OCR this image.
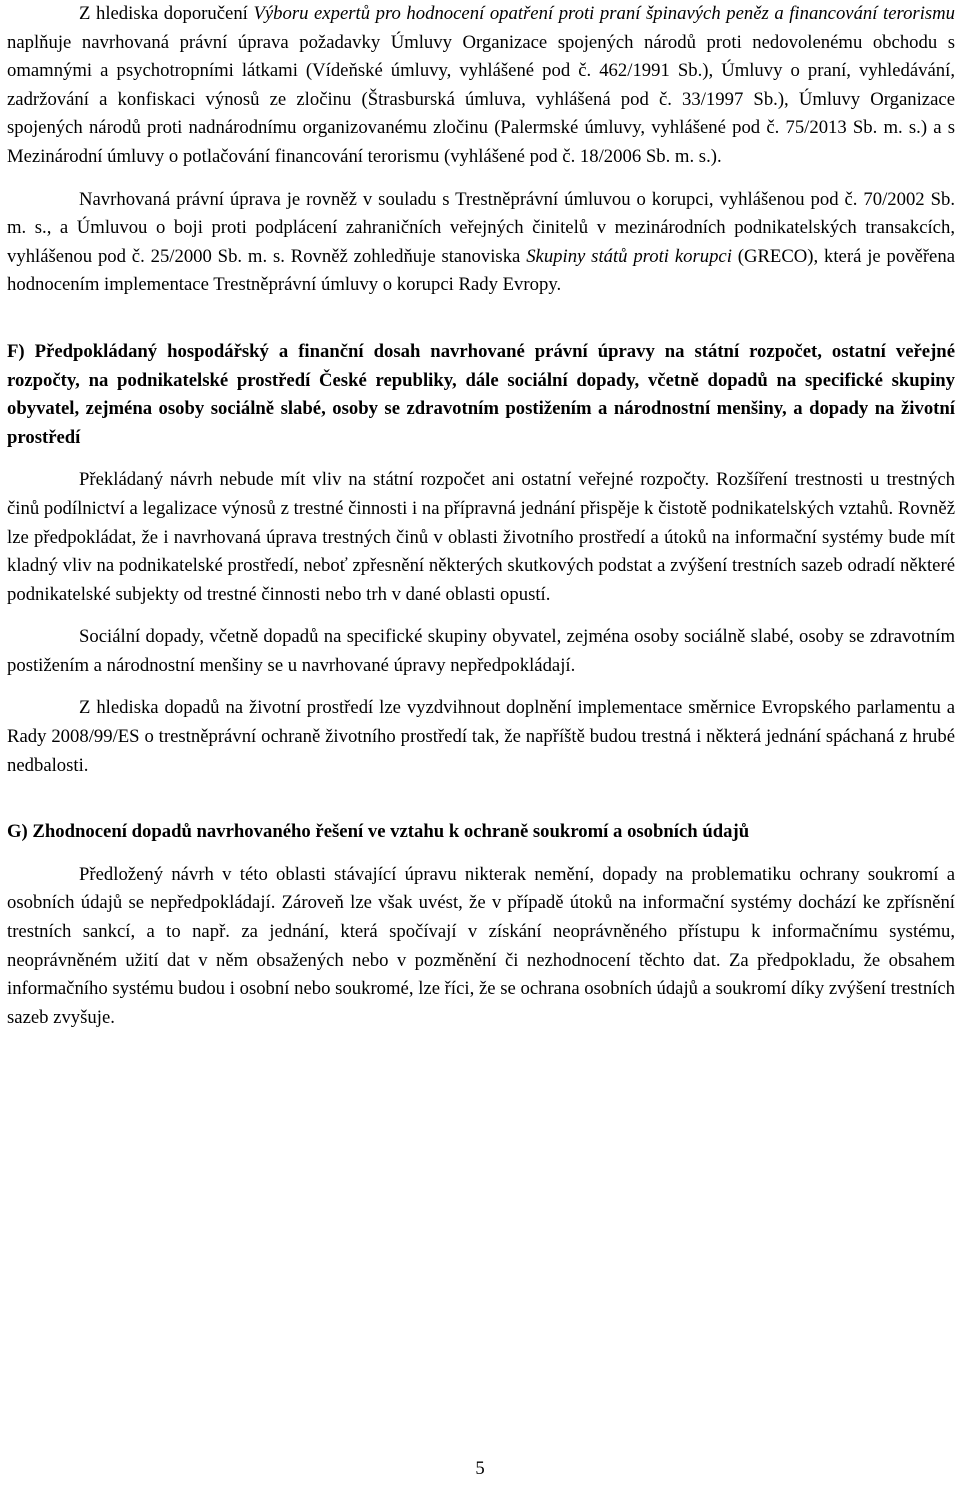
Z hlediska doporučení Výboru expertů pro hodnocení opatření proti praní špinavých peněz a financování terorismu naplňuje navrhovaná právní úprava požadavky Úmluvy Organizace spojených národů proti nedovolenému obchodu s omamnými a psychotropními látkami (Vídeňské úmluvy, vyhlášené pod č. 462/1991 Sb.), Úmluvy o praní, vyhledávání, zadržování a konfiskaci výnosů ze zločinu (Štrasburská úmluva, vyhlášená pod č. 33/1997 Sb.), Úmluvy Organizace spojených národů proti nadnárodnímu organizovanému zločinu (Palermské úmluvy, vyhlášené pod č. 75/2013 Sb. m. s.) a s Mezinárodní úmluvy o potlačování financování terorismu (vyhlášené pod č. 18/2006 Sb. m. s.).

Navrhovaná právní úprava je rovněž v souladu s Trestněprávní úmluvou o korupci, vyhlášenou pod č. 70/2002 Sb. m. s., a Úmluvou o boji proti podplácení zahraničních veřejných činitelů v mezinárodních podnikatelských transakcích, vyhlášenou pod č. 25/2000 Sb. m. s. Rovněž zohledňuje stanoviska Skupiny států proti korupci (GRECO), která je pověřena hodnocením implementace Trestněprávní úmluvy o korupci Rady Evropy.

F) Předpokládaný hospodářský a finanční dosah navrhované právní úpravy na státní rozpočet, ostatní veřejné rozpočty, na podnikatelské prostředí České republiky, dále sociální dopady, včetně dopadů na specifické skupiny obyvatel, zejména osoby sociálně slabé, osoby se zdravotním postižením a národnostní menšiny, a dopady na životní prostředí

Překládaný návrh nebude mít vliv na státní rozpočet ani ostatní veřejné rozpočty. Rozšíření trestnosti u trestných činů podílnictví a legalizace výnosů z trestné činnosti i na přípravná jednání přispěje k čistotě podnikatelských vztahů. Rovněž lze předpokládat, že i navrhovaná úprava trestných činů v oblasti životního prostředí a útoků na informační systémy bude mít kladný vliv na podnikatelské prostředí, neboť zpřesnění některých skutkových podstat a zvýšení trestních sazeb odradí některé podnikatelské subjekty od trestné činnosti nebo trh v dané oblasti opustí.

Sociální dopady, včetně dopadů na specifické skupiny obyvatel, zejména osoby sociálně slabé, osoby se zdravotním postižením a národnostní menšiny se u navrhované úpravy nepředpokládají.

Z hlediska dopadů na životní prostředí lze vyzdvihnout doplnění implementace směrnice Evropského parlamentu a Rady 2008/99/ES o trestněprávní ochraně životního prostředí tak, že napříště budou trestná i některá jednání spáchaná z hrubé nedbalosti.

G) Zhodnocení dopadů navrhovaného řešení ve vztahu k ochraně soukromí a osobních údajů

Předložený návrh v této oblasti stávající úpravu nikterak nemění, dopady na problematiku ochrany soukromí a osobních údajů se nepředpokládají. Zároveň lze však uvést, že v případě útoků na informační systémy dochází ke zpřísnění trestních sankcí, a to např. za jednání, která spočívají v získání neoprávněného přístupu k informačnímu systému, neoprávněném užití dat v něm obsažených nebo v pozměnění či nezhodnocení těchto dat. Za předpokladu, že obsahem informačního systému budou i osobní nebo soukromé, lze říci, že se ochrana osobních údajů a soukromí díky zvýšení trestních sazeb zvyšuje.

5
